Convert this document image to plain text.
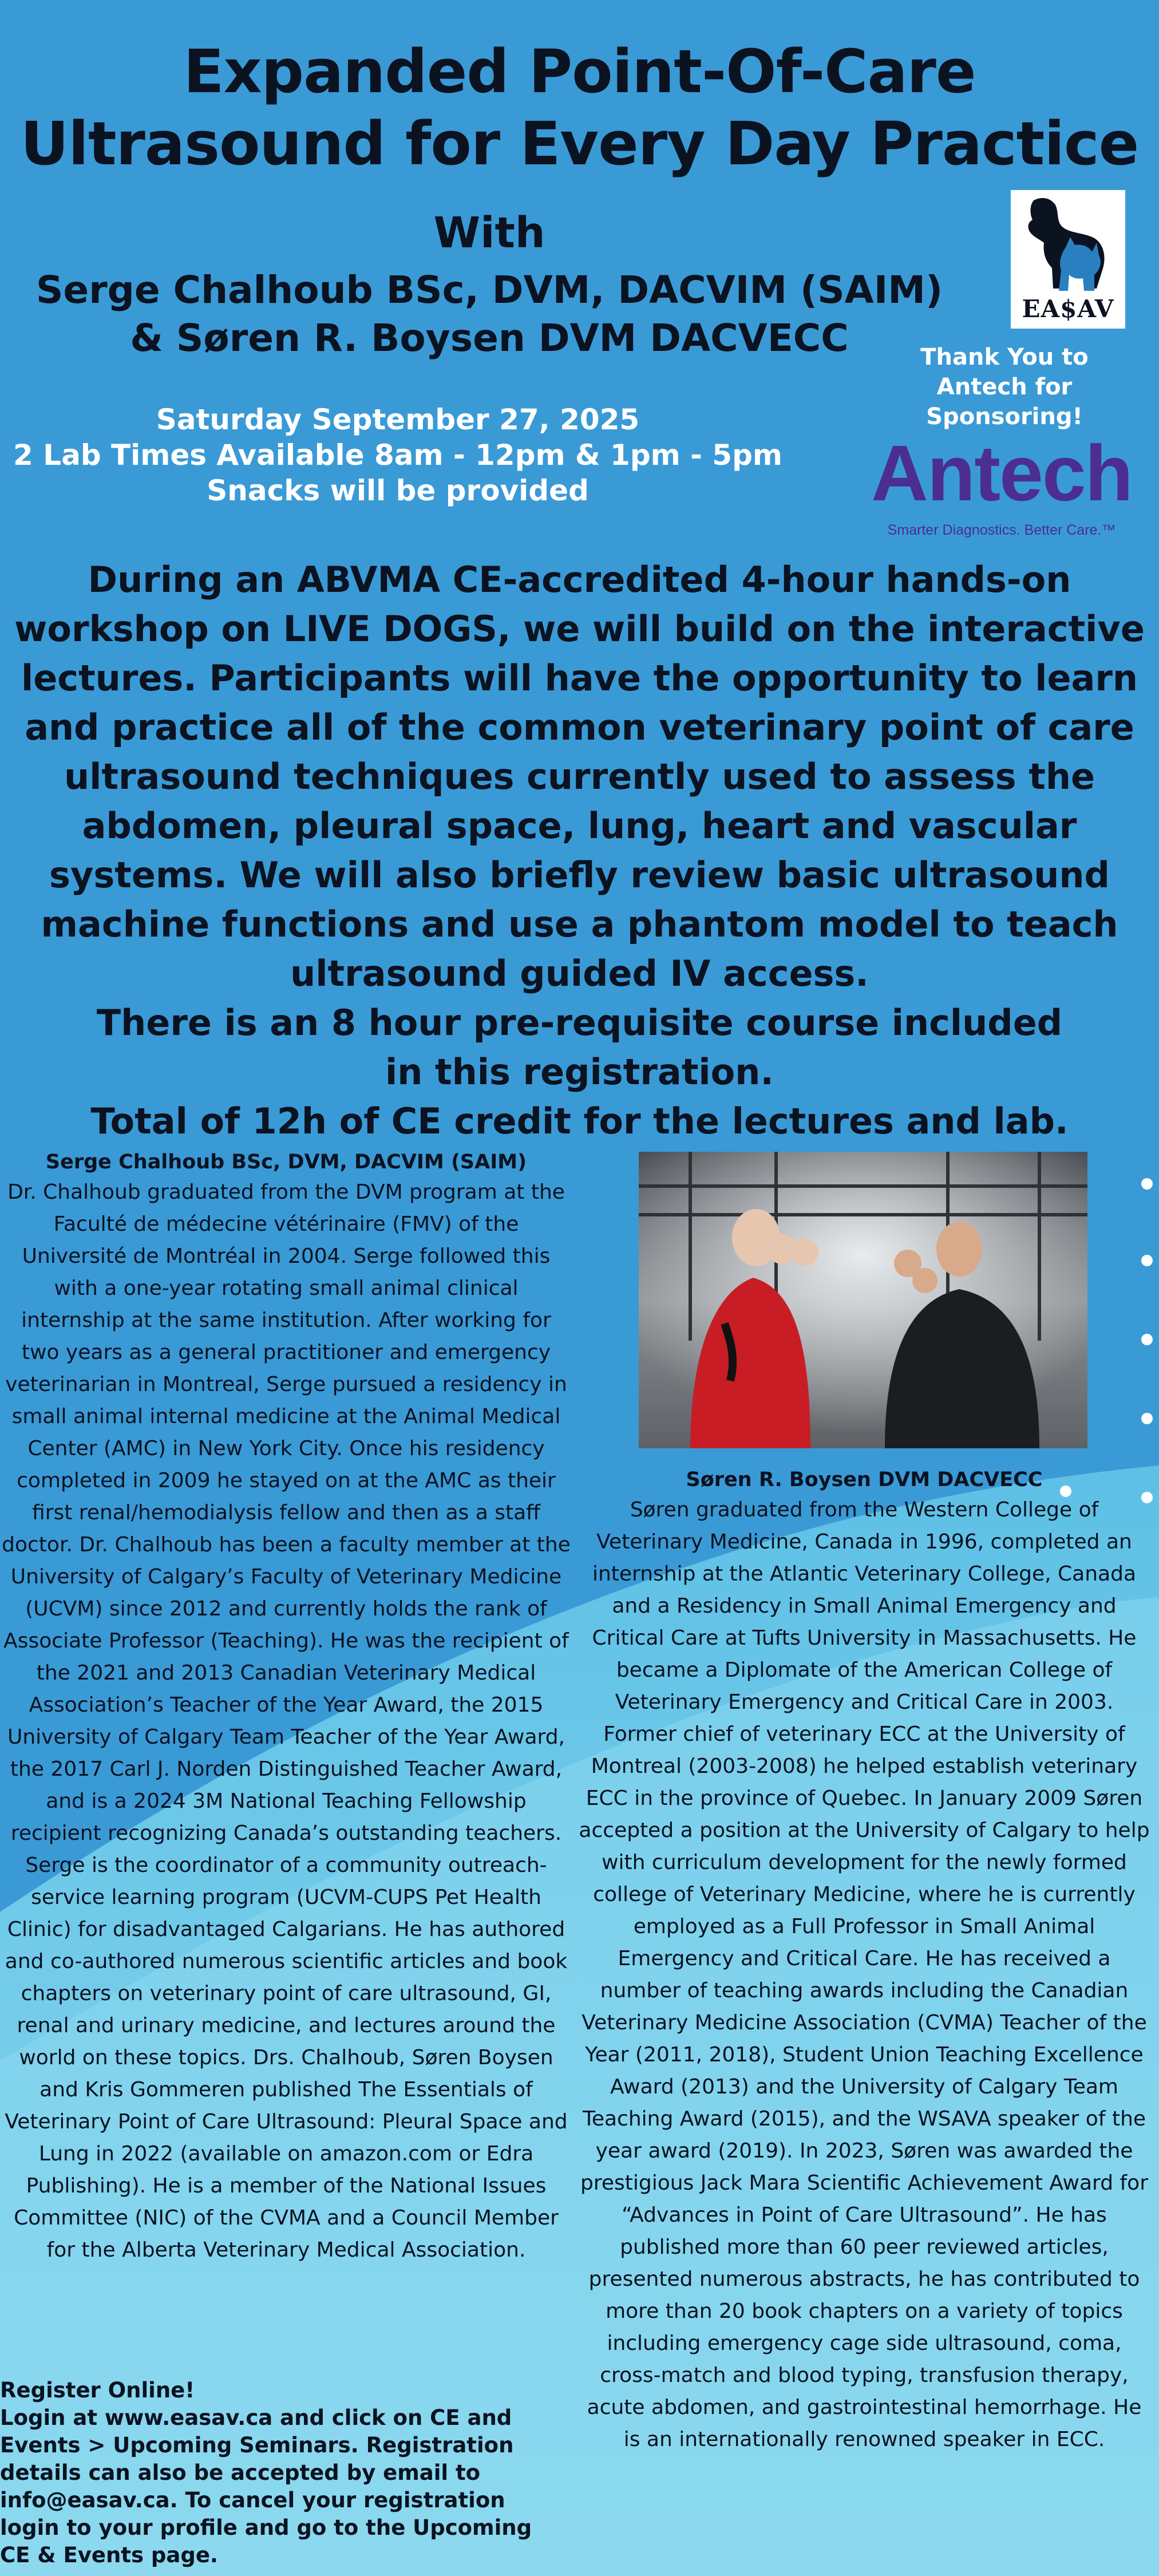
Expanded Point-Of-Care
Ultrasound for Every Day Practice
With
Serge Chalhoub BSc, DVM, DACVIM (SAIM)
& Søren R. Boysen DVM DACVECC
EA$AV
Thank You to
Antech for
Sponsoring!
Antech
Smarter Diagnostics. Better Care.™
Saturday September 27, 2025
2 Lab Times Available 8am - 12pm & 1pm - 5pm
Snacks will be provided

During an ABVMA CE-accredited 4-hour hands-on workshop on LIVE DOGS, we will build on the interactive lectures. Participants will have the opportunity to learn and practice all of the common veterinary point of care ultrasound techniques currently used to assess the abdomen, pleural space, lung, heart and vascular systems. We will also briefly review basic ultrasound machine functions and use a phantom model to teach ultrasound guided IV access.

There is an 8 hour pre-requisite course included in this registration.

Total of 12h of CE credit for the lectures and lab.

Serge Chalhoub BSc, DVM, DACVIM (SAIM)
Dr. Chalhoub graduated from the DVM program at the Faculté de médecine vétérinaire (FMV) of the Université de Montréal in 2004. Serge followed this with a one-year rotating small animal clinical internship at the same institution. After working for two years as a general practitioner and emergency veterinarian in Montreal, Serge pursued a residency in small animal internal medicine at the Animal Medical Center (AMC) in New York City. Once his residency completed in 2009 he stayed on at the AMC as their first renal/hemodialysis fellow and then as a staff doctor. Dr. Chalhoub has been a faculty member at the University of Calgary’s Faculty of Veterinary Medicine (UCVM) since 2012 and currently holds the rank of Associate Professor (Teaching). He was the recipient of the 2021 and 2013 Canadian Veterinary Medical Association’s Teacher of the Year Award, the 2015 University of Calgary Team Teacher of the Year Award, the 2017 Carl J. Norden Distinguished Teacher Award, and is a 2024 3M National Teaching Fellowship recipient recognizing Canada’s outstanding teachers. Serge is the coordinator of a community outreach-service learning program (UCVM-CUPS Pet Health Clinic) for disadvantaged Calgarians. He has authored and co-authored numerous scientific articles and book chapters on veterinary point of care ultrasound, GI, renal and urinary medicine, and lectures around the world on these topics. Drs. Chalhoub, Søren Boysen and Kris Gommeren published The Essentials of Veterinary Point of Care Ultrasound: Pleural Space and Lung in 2022 (available on amazon.com or Edra Publishing). He is a member of the National Issues Committee (NIC) of the CVMA and a Council Member for the Alberta Veterinary Medical Association.
Søren R. Boysen DVM DACVECC
Søren graduated from the Western College of Veterinary Medicine, Canada in 1996, completed an internship at the Atlantic Veterinary College, Canada and a Residency in Small Animal Emergency and Critical Care at Tufts University in Massachusetts. He became a Diplomate of the American College of Veterinary Emergency and Critical Care in 2003. Former chief of veterinary ECC at the University of Montreal (2003-2008) he helped establish veterinary ECC in the province of Quebec. In January 2009 Søren accepted a position at the University of Calgary to help with curriculum development for the newly formed college of Veterinary Medicine, where he is currently employed as a Full Professor in Small Animal Emergency and Critical Care. He has received a number of teaching awards including the Canadian Veterinary Medicine Association (CVMA) Teacher of the Year (2011, 2018), Student Union Teaching Excellence Award (2013) and the University of Calgary Team Teaching Award (2015), and the WSAVA speaker of the year award (2019). In 2023, Søren was awarded the prestigious Jack Mara Scientific Achievement Award for “Advances in Point of Care Ultrasound”. He has published more than 60 peer reviewed articles, presented numerous abstracts, he has contributed to more than 20 book chapters on a variety of topics including emergency cage side ultrasound, coma, cross-match and blood typing, transfusion therapy, acute abdomen, and gastrointestinal hemorrhage. He is an internationally renowned speaker in ECC.
Register Online!
Login at www.easav.ca and click on CE and Events > Upcoming Seminars. Registration details can also be accepted by email to info@easav.ca. To cancel your registration login to your profile and go to the Upcoming CE & Events page.
